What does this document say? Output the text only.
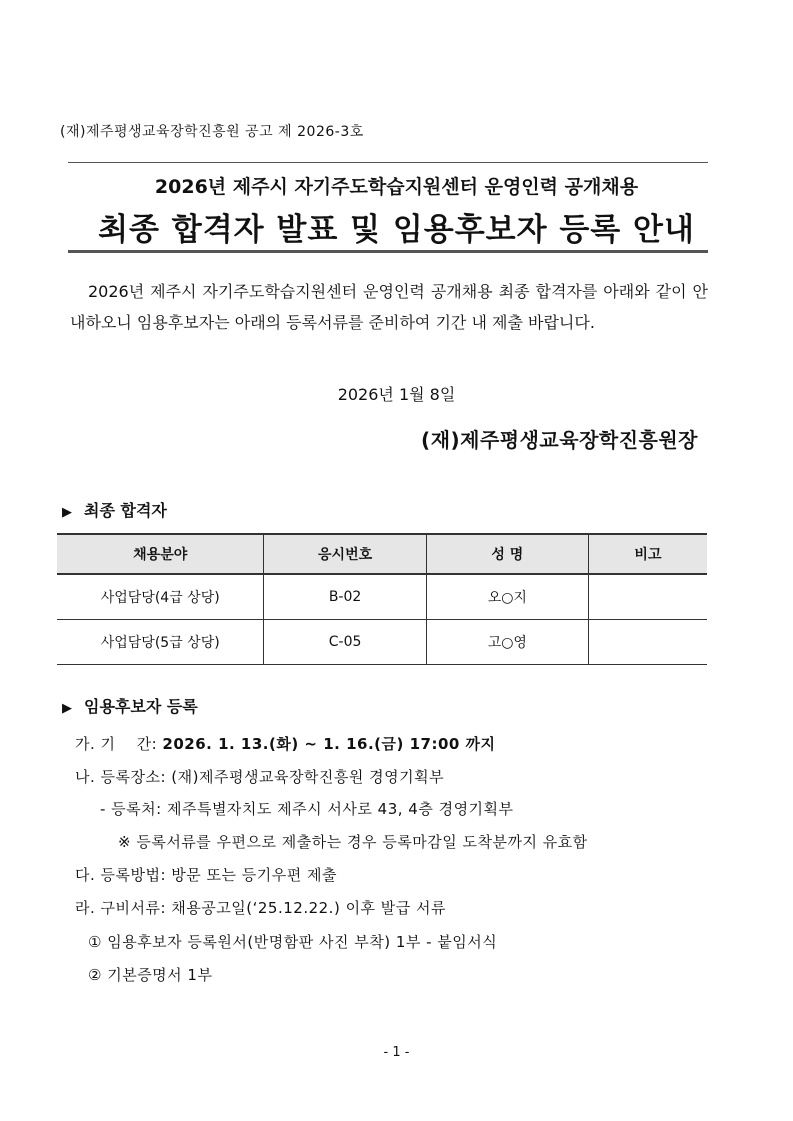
(재)제주평생교육장학진흥원 공고 제 2026-3호
2026년 제주시 자기주도학습지원센터 운영인력 공개채용
최종 합격자 발표 및 임용후보자 등록 안내
2026년 제주시 자기주도학습지원센터 운영인력 공개채용 최종 합격자를 아래와 같이 안내하오니 임용후보자는 아래의 등록서류를 준비하여 기간 내 제출 바랍니다.
2026년 1월 8일
(재)제주평생교육장학진흥원장
▶ 최종 합격자
채용분야	응시번호	성 명	비고
사업담당(4급 상당)	B-02	오○지	
사업담당(5급 상당)	C-05	고○영	
▶ 임용후보자 등록
가. 기    간: 2026. 1. 13.(화) ~ 1. 16.(금) 17:00 까지
나. 등록장소: (재)제주평생교육장학진흥원 경영기획부
- 등록처: 제주특별자치도 제주시 서사로 43, 4층 경영기획부
※ 등록서류를 우편으로 제출하는 경우 등록마감일 도착분까지 유효함
다. 등록방법: 방문 또는 등기우편 제출
라. 구비서류: 채용공고일(‘25.12.22.) 이후 발급 서류
① 임용후보자 등록원서(반명함판 사진 부착) 1부 - 붙임서식
② 기본증명서 1부
- 1 -
